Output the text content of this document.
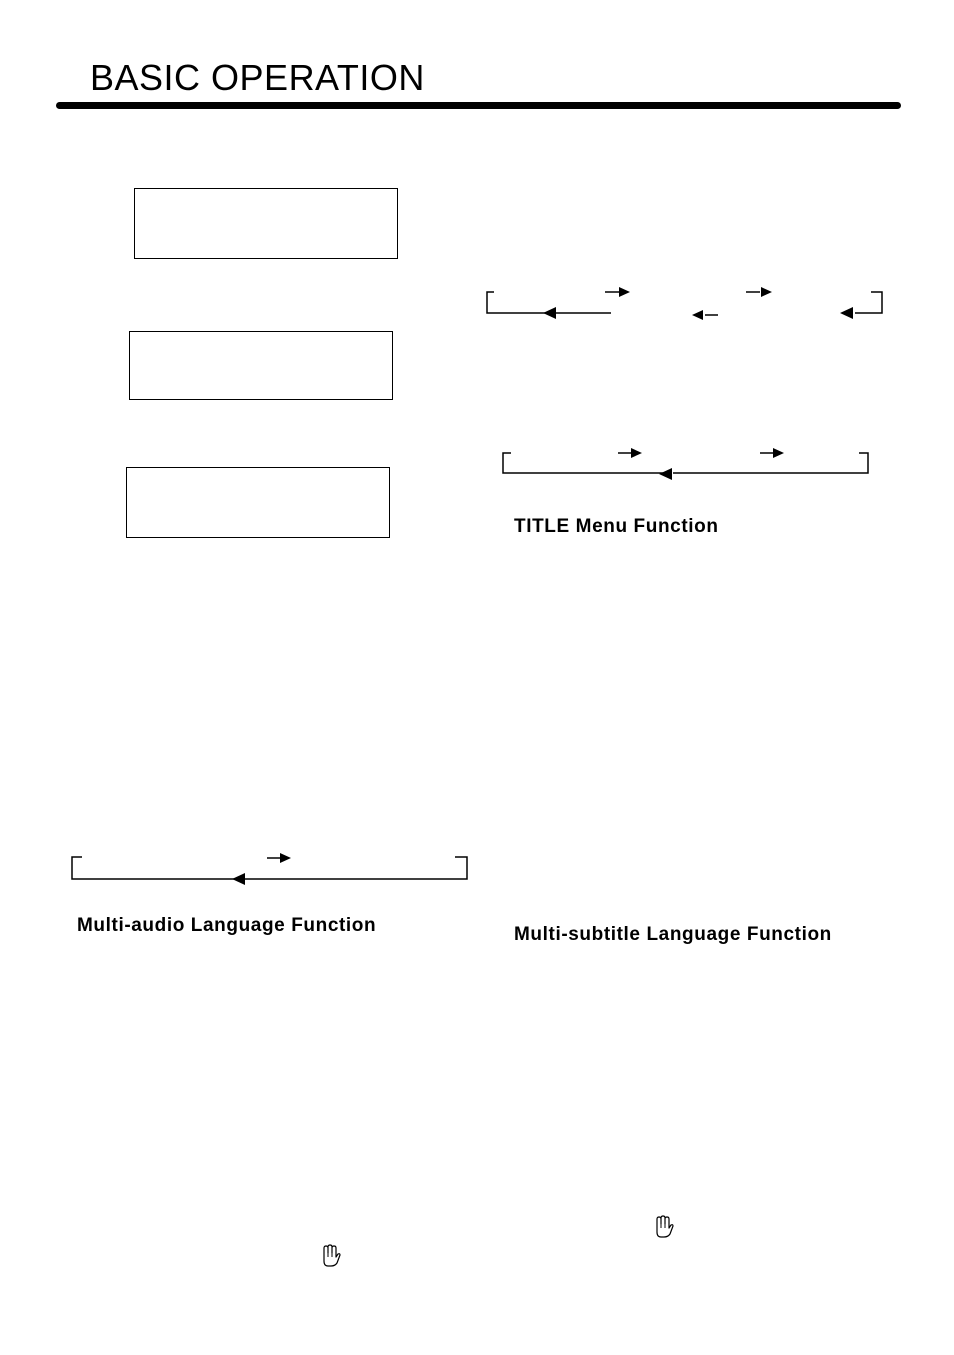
BASIC OPERATION
TITLE Menu Function
Multi-audio Language Function	Multi-subtitle Language Function
